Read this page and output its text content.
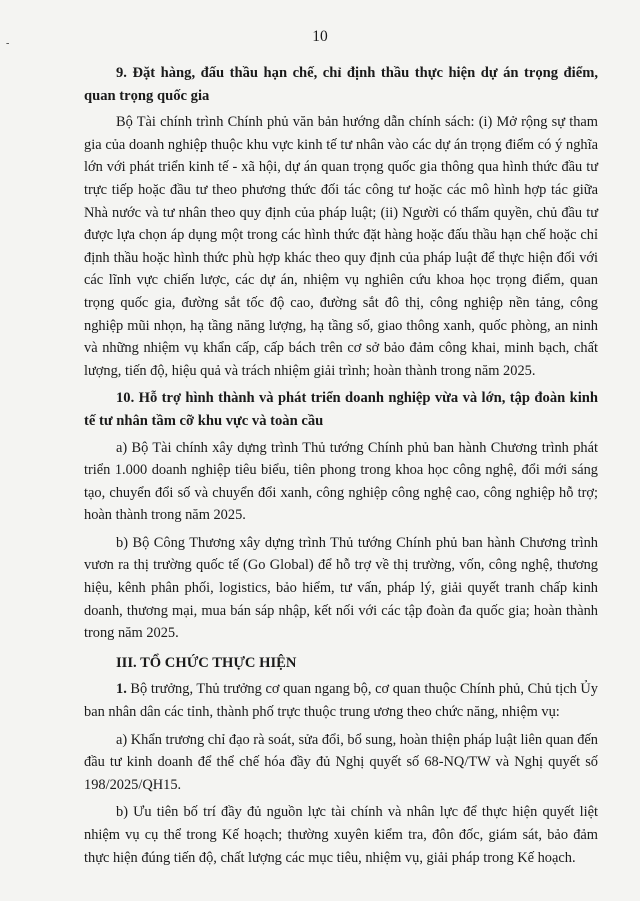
-	10
9. Đặt hàng, đấu thầu hạn chế, chỉ định thầu thực hiện dự án trọng điểm, quan trọng quốc gia

Bộ Tài chính trình Chính phủ văn bản hướng dẫn chính sách: (i) Mở rộng sự tham gia của doanh nghiệp thuộc khu vực kinh tế tư nhân vào các dự án trọng điểm có ý nghĩa lớn với phát triển kinh tế - xã hội, dự án quan trọng quốc gia thông qua hình thức đầu tư trực tiếp hoặc đầu tư theo phương thức đối tác công tư hoặc các mô hình hợp tác giữa Nhà nước và tư nhân theo quy định của pháp luật; (ii) Người có thẩm quyền, chủ đầu tư được lựa chọn áp dụng một trong các hình thức đặt hàng hoặc đấu thầu hạn chế hoặc chỉ định thầu hoặc hình thức phù hợp khác theo quy định của pháp luật để thực hiện đối với các lĩnh vực chiến lược, các dự án, nhiệm vụ nghiên cứu khoa học trọng điểm, quan trọng quốc gia, đường sắt tốc độ cao, đường sắt đô thị, công nghiệp nền tảng, công nghiệp mũi nhọn, hạ tầng năng lượng, hạ tầng số, giao thông xanh, quốc phòng, an ninh và những nhiệm vụ khẩn cấp, cấp bách trên cơ sở bảo đảm công khai, minh bạch, chất lượng, tiến độ, hiệu quả và trách nhiệm giải trình; hoàn thành trong năm 2025.

10. Hỗ trợ hình thành và phát triển doanh nghiệp vừa và lớn, tập đoàn kinh tế tư nhân tầm cỡ khu vực và toàn cầu

a) Bộ Tài chính xây dựng trình Thủ tướng Chính phủ ban hành Chương trình phát triển 1.000 doanh nghiệp tiêu biểu, tiên phong trong khoa học công nghệ, đổi mới sáng tạo, chuyển đổi số và chuyển đổi xanh, công nghiệp công nghệ cao, công nghiệp hỗ trợ; hoàn thành trong năm 2025.

b) Bộ Công Thương xây dựng trình Thủ tướng Chính phủ ban hành Chương trình vươn ra thị trường quốc tế (Go Global) để hỗ trợ về thị trường, vốn, công nghệ, thương hiệu, kênh phân phối, logistics, bảo hiểm, tư vấn, pháp lý, giải quyết tranh chấp kinh doanh, thương mại, mua bán sáp nhập, kết nối với các tập đoàn đa quốc gia; hoàn thành trong năm 2025.

III. TỔ CHỨC THỰC HIỆN

1. Bộ trưởng, Thủ trưởng cơ quan ngang bộ, cơ quan thuộc Chính phủ, Chủ tịch Ủy ban nhân dân các tỉnh, thành phố trực thuộc trung ương theo chức năng, nhiệm vụ:

a) Khẩn trương chỉ đạo rà soát, sửa đổi, bổ sung, hoàn thiện pháp luật liên quan đến đầu tư kinh doanh để thể chế hóa đầy đủ Nghị quyết số 68-NQ/TW và Nghị quyết số 198/2025/QH15.

b) Ưu tiên bố trí đầy đủ nguồn lực tài chính và nhân lực để thực hiện quyết liệt nhiệm vụ cụ thể trong Kế hoạch; thường xuyên kiểm tra, đôn đốc, giám sát, bảo đảm thực hiện đúng tiến độ, chất lượng các mục tiêu, nhiệm vụ, giải pháp trong Kế hoạch.
